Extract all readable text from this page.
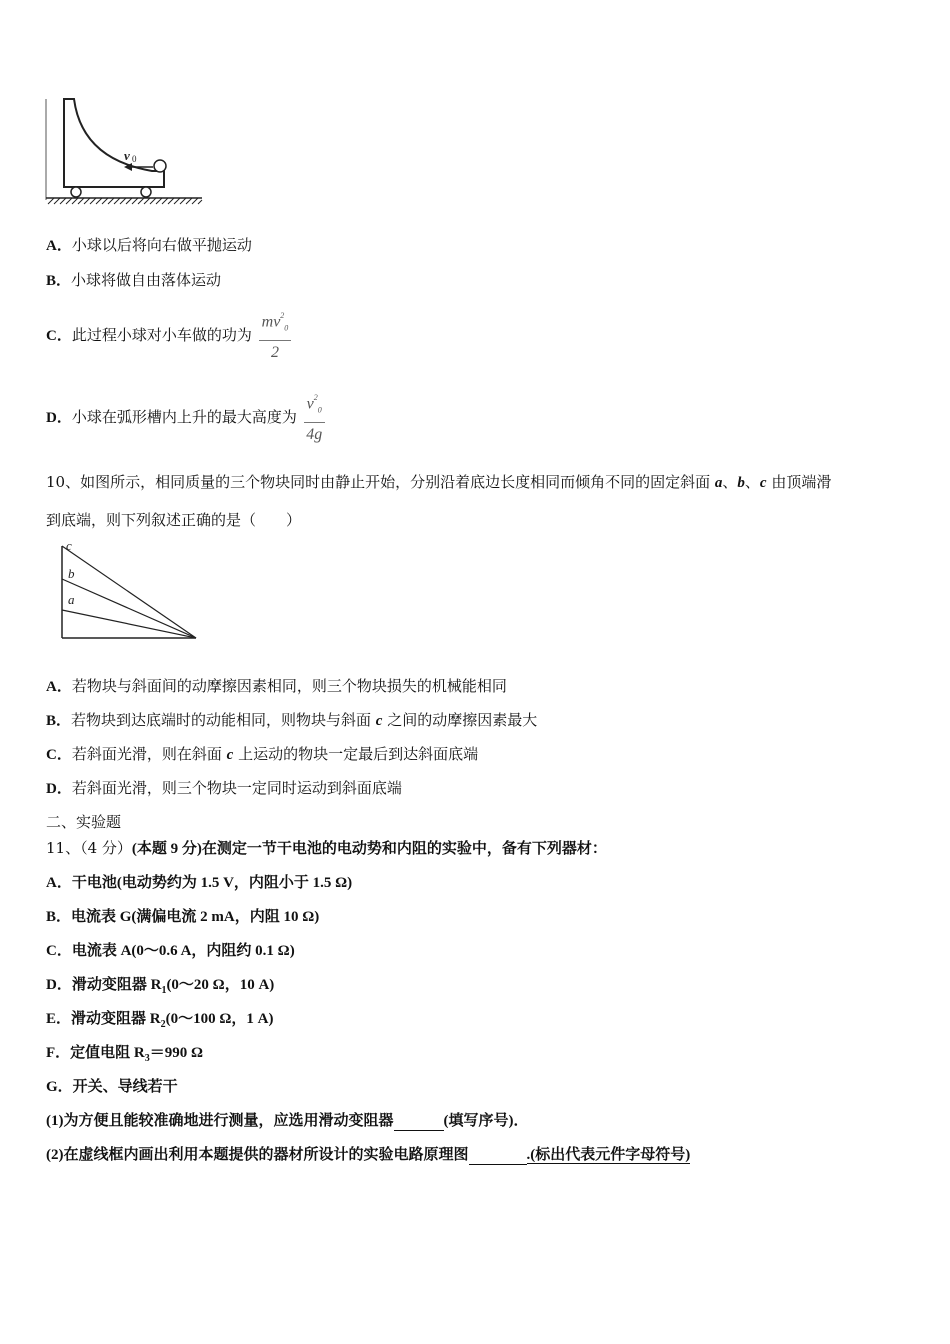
v 0
A．小球以后将向右做平抛运动
B．小球将做自由落体运动
C．此过程小球对小车做的功为 $\frac{mv^2_0}{2}$
D．小球在弧形槽内上升的最大高度为 $\frac{v^2_0}{4g}$
10、如图所示，相同质量的三个物块同时由静止开始，分别沿着底边长度相同而倾角不同的固定斜面 a、b、c 由顶端滑
到底端，则下列叙述正确的是（　　）
c
b
a
A．若物块与斜面间的动摩擦因素相同，则三个物块损失的机械能相同
B．若物块到达底端时的动能相同，则物块与斜面 c 之间的动摩擦因素最大
C．若斜面光滑，则在斜面 c 上运动的物块一定最后到达斜面底端
D．若斜面光滑，则三个物块一定同时运动到斜面底端
二、实验题
11、（4 分）(本题 9 分)在测定一节干电池的电动势和内阻的实验中，备有下列器材：
A．干电池(电动势约为 1.5 V，内阻小于 1.5 Ω)
B．电流表 G(满偏电流 2 mA，内阻 10 Ω)
C．电流表 A(0～0.6 A，内阻约 0.1 Ω)
D．滑动变阻器 $R_1(0\sim 20$ Ω，10 A)
E．滑动变阻器 $R_2(0\sim 100$ Ω，1 A)
F．定值电阻 $R_3=990$ Ω
G．开关、导线若干
(1)为方便且能较准确地进行测量，应选用滑动变阻器	(填写序号)．
(2)在虚线框内画出利用本题提供的器材所设计的实验电路原理图	.(标出代表元件字母符号)
